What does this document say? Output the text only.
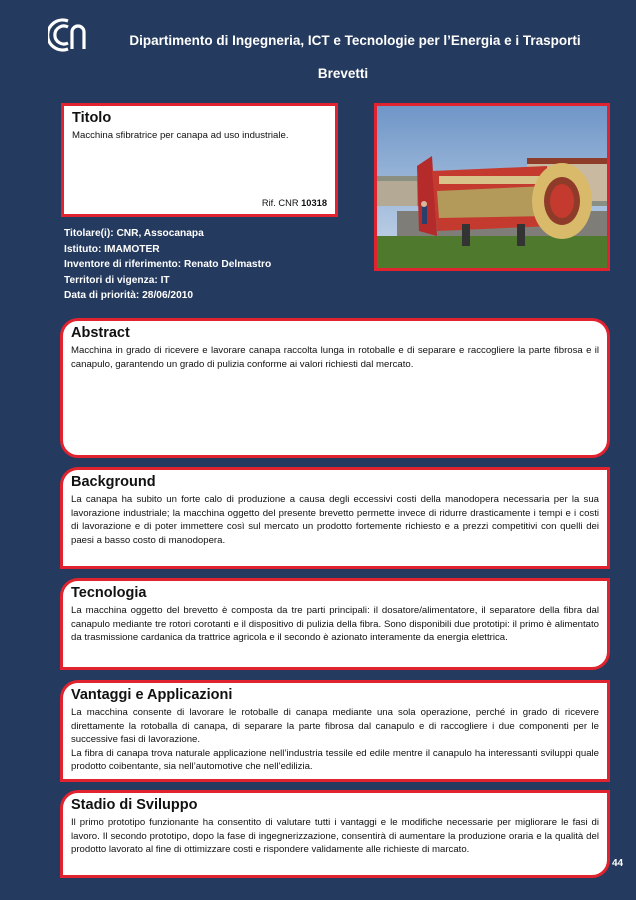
Dipartimento di Ingegneria, ICT e Tecnologie per l’Energia e i Trasporti
Brevetti
Titolo

Macchina sfibratrice per canapa ad uso industriale.

Rif. CNR 10318
Titolare(i): CNR, Assocanapa
Istituto: IMAMOTER
Inventore di riferimento: Renato Delmastro
Territori di vigenza: IT
Data di priorità: 28/06/2010
Abstract

Macchina in grado di ricevere e lavorare canapa raccolta lunga in rotoballe e di separare e raccogliere la parte fibrosa e il canapulo, garantendo un grado di pulizia conforme ai valori richiesti dal mercato.

Background

La canapa ha subito un forte calo di produzione a causa degli eccessivi costi della manodopera necessaria per la sua lavorazione industriale; la macchina oggetto del presente brevetto permette invece di ridurre drasticamente i tempi e i costi di lavorazione e di poter immettere così sul mercato un prodotto fortemente richiesto e a prezzi competitivi con quelli dei paesi a basso costo di manodopera.

Tecnologia

La macchina oggetto del brevetto è composta da tre parti principali: il dosatore/alimentatore, il separatore della fibra dal canapulo mediante tre rotori corotanti e il dispositivo di pulizia della fibra. Sono disponibili due prototipi: il primo è alimentato da trasmissione cardanica da trattrice agricola e il secondo è azionato interamente da energia elettrica.

Vantaggi e Applicazioni

La macchina consente di lavorare le rotoballe di canapa mediante una sola operazione, perché in grado di ricevere direttamente la rotoballa di canapa, di separare la parte fibrosa dal canapulo e di raccogliere i due componenti per le successive fasi di lavorazione.

La fibra di canapa trova naturale applicazione nell’industria tessile ed edile mentre il canapulo ha interessanti sviluppi quale prodotto coibentante, sia nell’automotive che nell’edilizia.

Stadio di Sviluppo

Il primo prototipo funzionante ha consentito di valutare tutti i vantaggi e le modifiche necessarie per migliorare le fasi di lavoro. Il secondo prototipo, dopo la fase di ingegnerizzazione, consentirà di aumentare la produzione oraria e la qualità del prodotto lavorato al fine di ottimizzare costi e rispondere validamente alle richieste di marcato.

44
